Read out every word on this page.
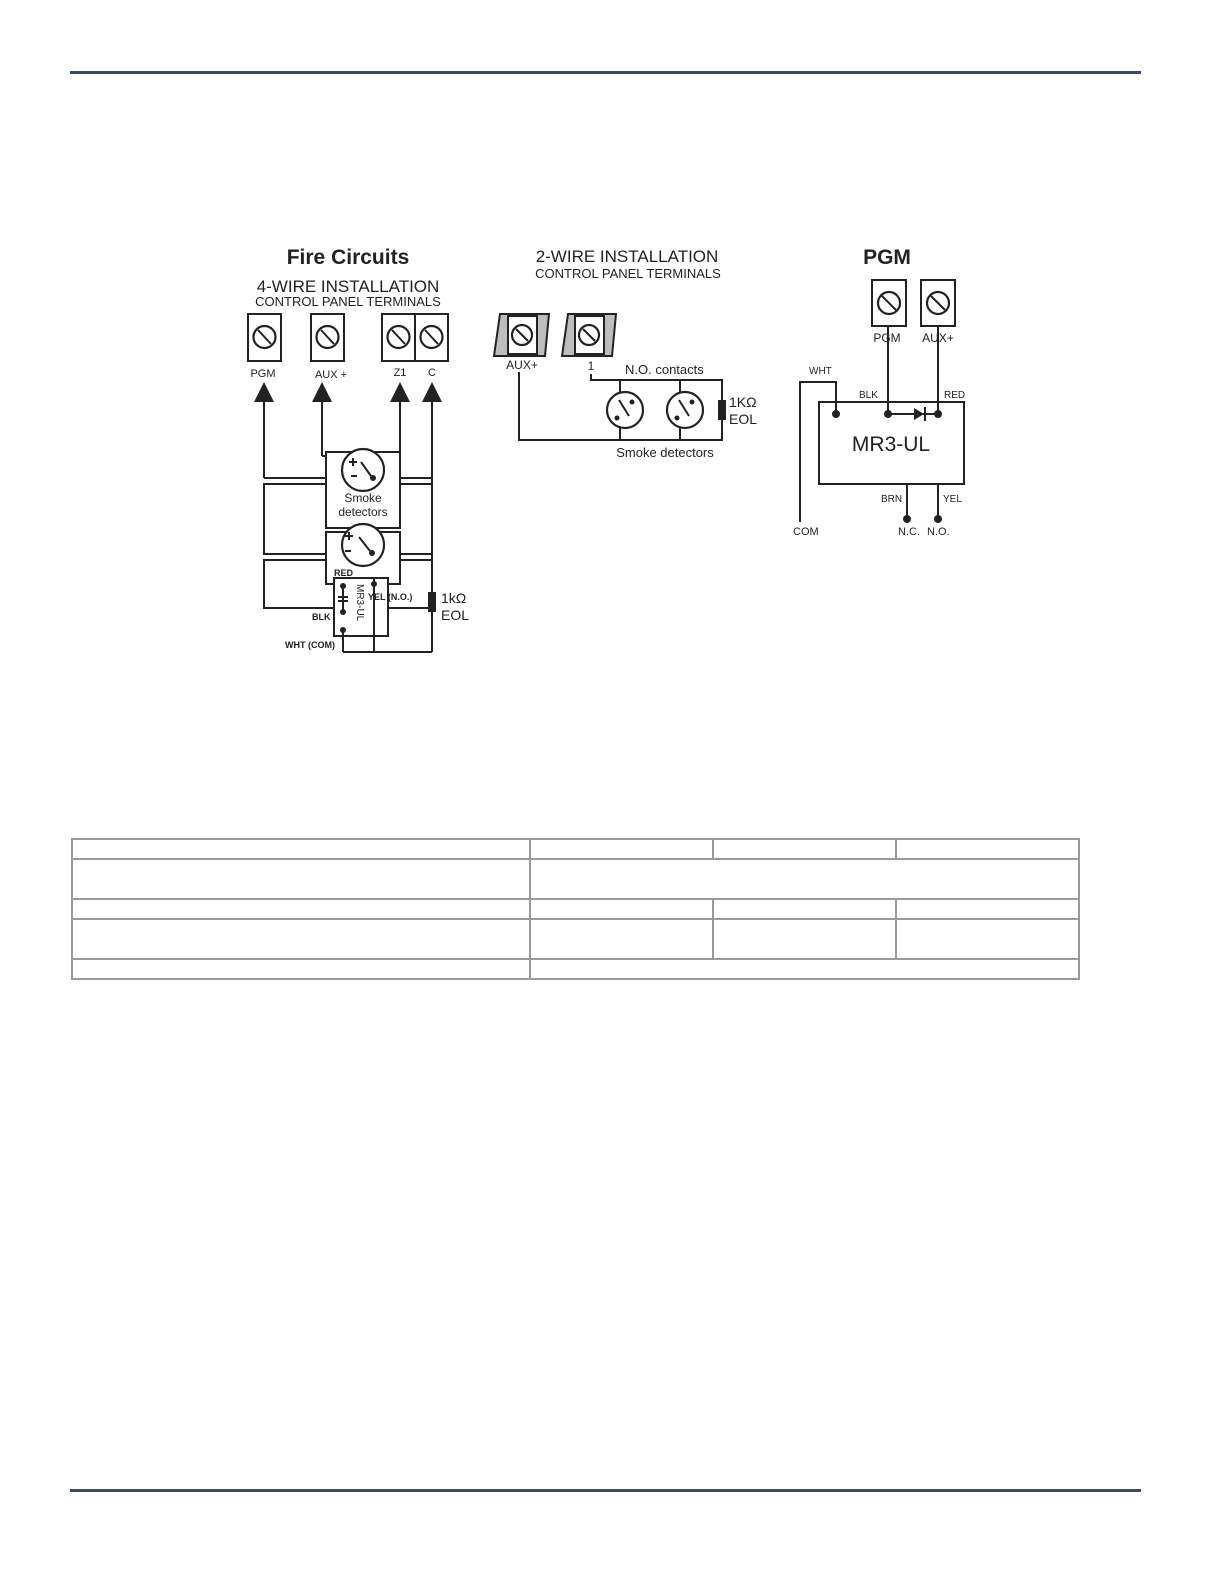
Fire Circuits
4-WIRE INSTALLATION
CONTROL PANEL TERMINALS
PGM	AUX +	Z1 C
Smoke
detectors
MR3-UL
RED
YEL (N.O.)
BLK
WHT (COM)
1kΩ
EOL
2-WIRE INSTALLATION
CONTROL PANEL TERMINALS
AUX+	1 N.O. contacts
1KΩ
EOL
Smoke detectors
PGM
PGM AUX+
MR3-UL
WHT
BLK	RED
BRN	YEL
COM	N.C. N.O.
